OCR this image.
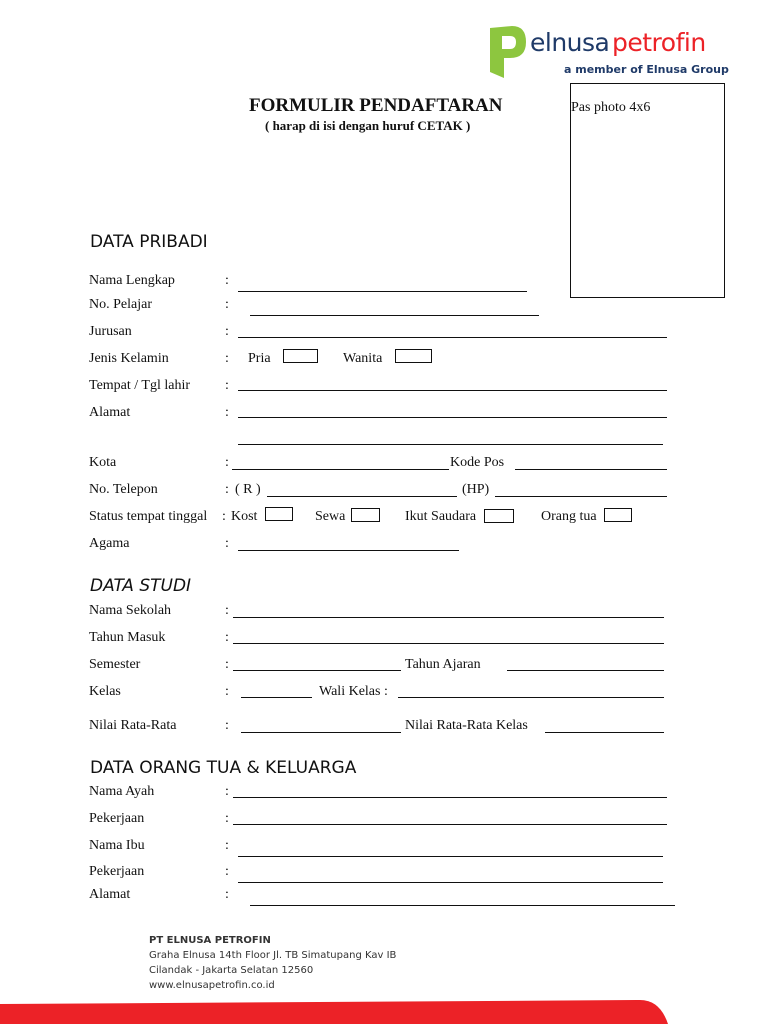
elnusa petrofin
a member of Elnusa Group
FORMULIR PENDAFTARAN
( harap di isi dengan huruf CETAK )
Pas photo 4x6
DATA PRIBADI
Nama Lengkap	:
No. Pelajar	:
Jurusan	:
Jenis Kelamin	: Pria	Wanita
Tempat / Tgl lahir :
Alamat	:
Kota	:	Kode Pos
No. Telepon	: ( R )	(HP)
Status tempat tinggal : Kost	Sewa	Ikut Saudara	Orang tua
Agama	:
DATA STUDI
Nama Sekolah	:
Tahun Masuk	:
Semester	:	Tahun Ajaran
Kelas	:	Wali Kelas :
Nilai Rata-Rata	:	Nilai Rata-Rata Kelas
DATA ORANG TUA & KELUARGA
Nama Ayah	:
Pekerjaan	:
Nama Ibu	:
Pekerjaan	:
Alamat	:
PT ELNUSA PETROFIN
Graha Elnusa 14th Floor Jl. TB Simatupang Kav IB
Cilandak - Jakarta Selatan 12560
www.elnusapetrofin.co.id
